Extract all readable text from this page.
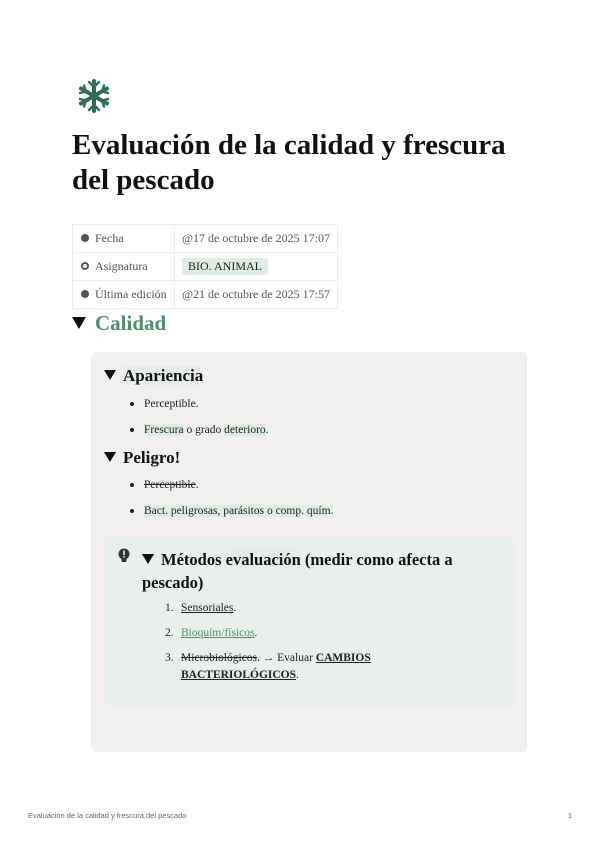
Evaluación de la calidad y frescura del pescado
Fecha	@17 de octubre de 2025 17:07
Asignatura	BIO. ANIMAL
Última edición	@21 de octubre de 2025 17:57
Calidad
Apariencia
Perceptible.
Frescura o grado deterioro.
Peligro!
Perceptible.
Bact. peligrosas, parásitos o comp. quím.
Métodos evaluación (medir como afecta a pescado)
1. Sensoriales.
2. Bioquím/físicos.
3. Microbiológicos. → Evaluar CAMBIOS BACTERIOLÓGICOS.
Evaluación de la calidad y frescura del pescado	1
